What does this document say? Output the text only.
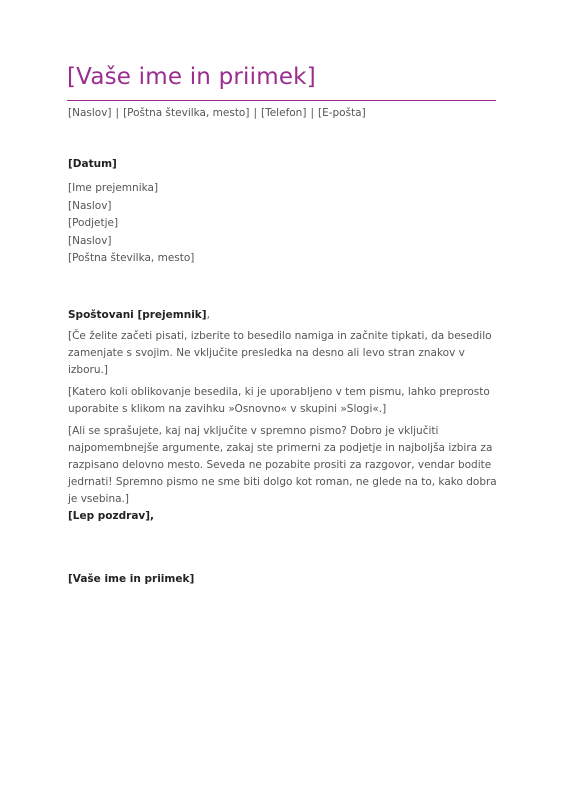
[Vaše ime in priimek]
[Naslov] | [Poštna številka, mesto] | [Telefon] | [E-pošta]
[Datum]
[Ime prejemnika]
[Naslov]
[Podjetje]
[Naslov]
[Poštna številka, mesto]
Spoštovani [prejemnik],

[Če želite začeti pisati, izberite to besedilo namiga in začnite tipkati, da besedilo zamenjate s svojim. Ne vključite presledka na desno ali levo stran znakov v izboru.]

[Katero koli oblikovanje besedila, ki je uporabljeno v tem pismu, lahko preprosto uporabite s klikom na zavihku »Osnovno« v skupini »Slogi«.]

[Ali se sprašujete, kaj naj vključite v spremno pismo? Dobro je vključiti najpomembnejše argumente, zakaj ste primerni za podjetje in najboljša izbira za razpisano delovno mesto. Seveda ne pozabite prositi za razgovor, vendar bodite jedrnati! Spremno pismo ne sme biti dolgo kot roman, ne glede na to, kako dobra je vsebina.]

[Lep pozdrav],
[Vaše ime in priimek]
